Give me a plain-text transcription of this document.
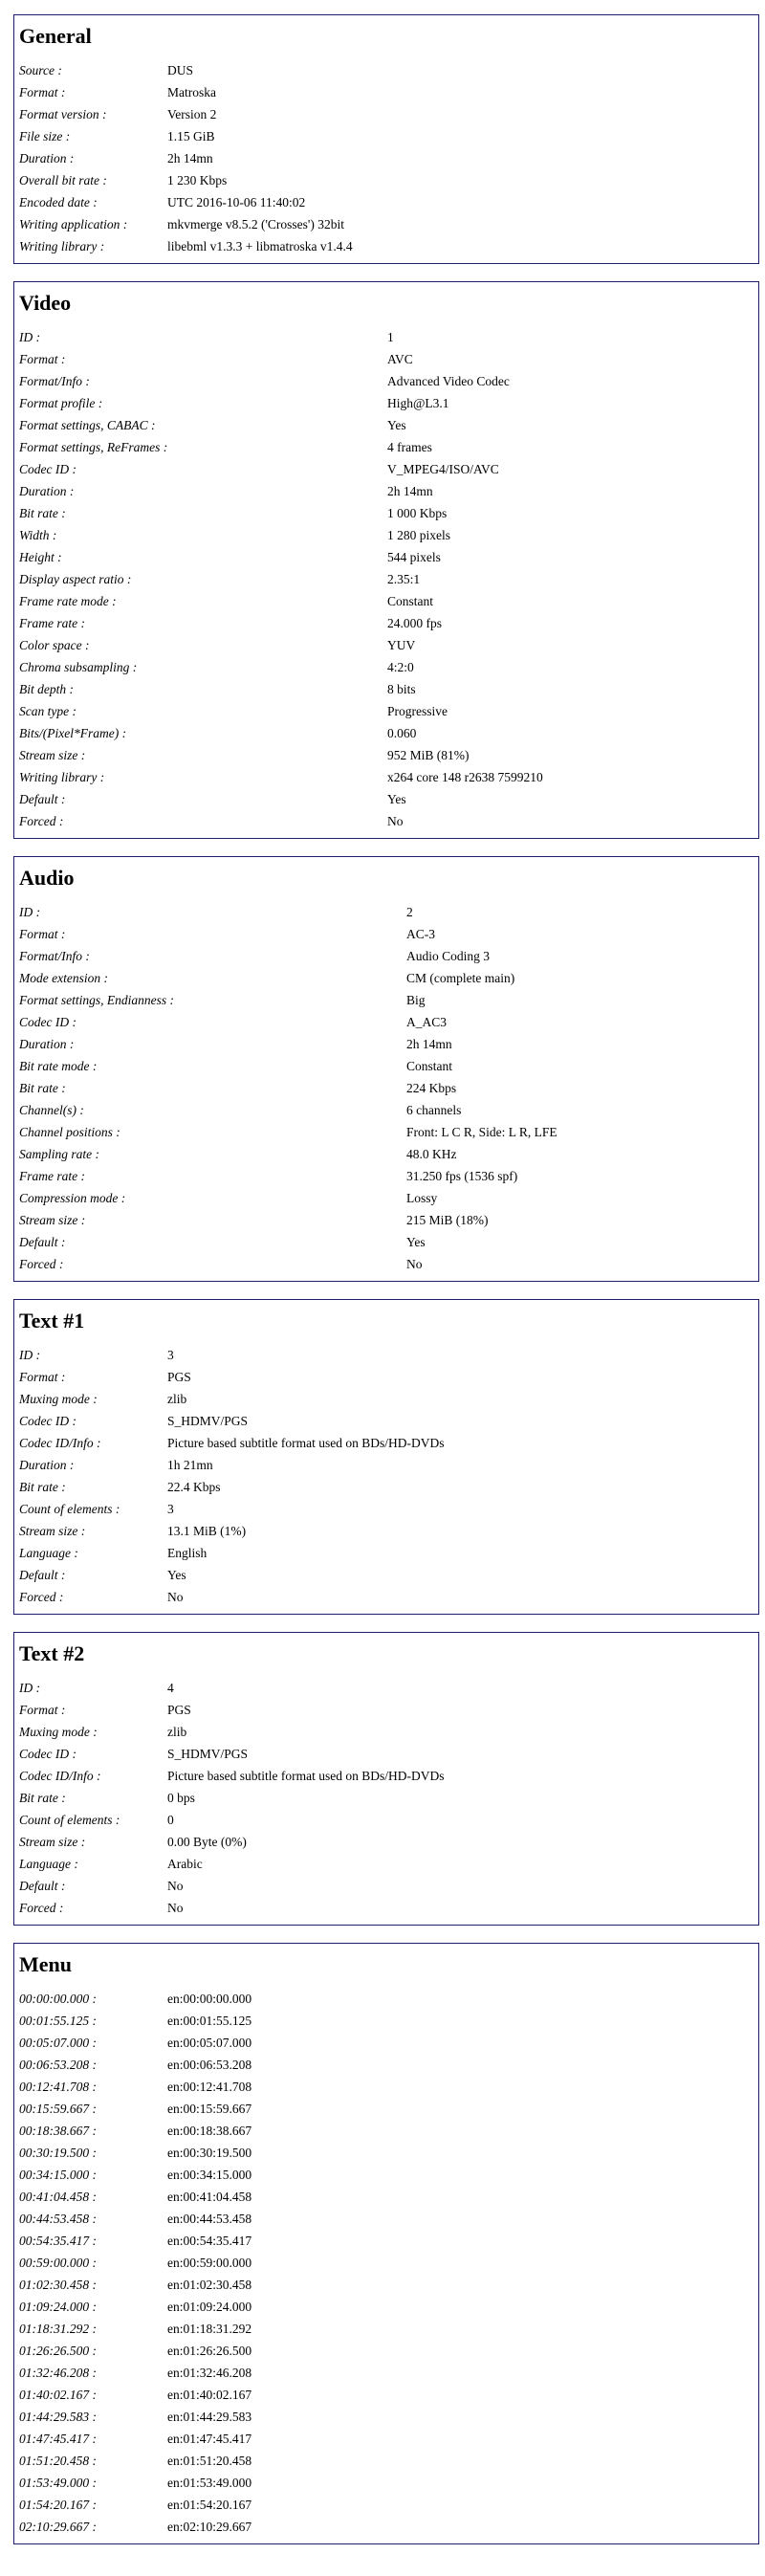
General
Source :	DUS
Format :	Matroska
Format version :	Version 2
File size :	1.15 GiB
Duration :	2h 14mn
Overall bit rate :	1 230 Kbps
Encoded date :	UTC 2016-10-06 11:40:02
Writing application :	mkvmerge v8.5.2 ('Crosses') 32bit
Writing library :	libebml v1.3.3 + libmatroska v1.4.4
Video
ID :	1
Format :	AVC
Format/Info :	Advanced Video Codec
Format profile :	High@L3.1
Format settings, CABAC :	Yes
Format settings, ReFrames :	4 frames
Codec ID :	V_MPEG4/ISO/AVC
Duration :	2h 14mn
Bit rate :	1 000 Kbps
Width :	1 280 pixels
Height :	544 pixels
Display aspect ratio :	2.35:1
Frame rate mode :	Constant
Frame rate :	24.000 fps
Color space :	YUV
Chroma subsampling :	4:2:0
Bit depth :	8 bits
Scan type :	Progressive
Bits/(Pixel*Frame) :	0.060
Stream size :	952 MiB (81%)
Writing library :	x264 core 148 r2638 7599210
Default :	Yes
Forced :	No
Audio
ID :	2
Format :	AC-3
Format/Info :	Audio Coding 3
Mode extension :	CM (complete main)
Format settings, Endianness :	Big
Codec ID :	A_AC3
Duration :	2h 14mn
Bit rate mode :	Constant
Bit rate :	224 Kbps
Channel(s) :	6 channels
Channel positions :	Front: L C R, Side: L R, LFE
Sampling rate :	48.0 KHz
Frame rate :	31.250 fps (1536 spf)
Compression mode :	Lossy
Stream size :	215 MiB (18%)
Default :	Yes
Forced :	No
Text #1
ID :	3
Format :	PGS
Muxing mode :	zlib
Codec ID :	S_HDMV/PGS
Codec ID/Info :	Picture based subtitle format used on BDs/HD-DVDs
Duration :	1h 21mn
Bit rate :	22.4 Kbps
Count of elements :	3
Stream size :	13.1 MiB (1%)
Language :	English
Default :	Yes
Forced :	No
Text #2
ID :	4
Format :	PGS
Muxing mode :	zlib
Codec ID :	S_HDMV/PGS
Codec ID/Info :	Picture based subtitle format used on BDs/HD-DVDs
Bit rate :	0 bps
Count of elements :	0
Stream size :	0.00 Byte (0%)
Language :	Arabic
Default :	No
Forced :	No
Menu
00:00:00.000 :	en:00:00:00.000
00:01:55.125 :	en:00:01:55.125
00:05:07.000 :	en:00:05:07.000
00:06:53.208 :	en:00:06:53.208
00:12:41.708 :	en:00:12:41.708
00:15:59.667 :	en:00:15:59.667
00:18:38.667 :	en:00:18:38.667
00:30:19.500 :	en:00:30:19.500
00:34:15.000 :	en:00:34:15.000
00:41:04.458 :	en:00:41:04.458
00:44:53.458 :	en:00:44:53.458
00:54:35.417 :	en:00:54:35.417
00:59:00.000 :	en:00:59:00.000
01:02:30.458 :	en:01:02:30.458
01:09:24.000 :	en:01:09:24.000
01:18:31.292 :	en:01:18:31.292
01:26:26.500 :	en:01:26:26.500
01:32:46.208 :	en:01:32:46.208
01:40:02.167 :	en:01:40:02.167
01:44:29.583 :	en:01:44:29.583
01:47:45.417 :	en:01:47:45.417
01:51:20.458 :	en:01:51:20.458
01:53:49.000 :	en:01:53:49.000
01:54:20.167 :	en:01:54:20.167
02:10:29.667 :	en:02:10:29.667
